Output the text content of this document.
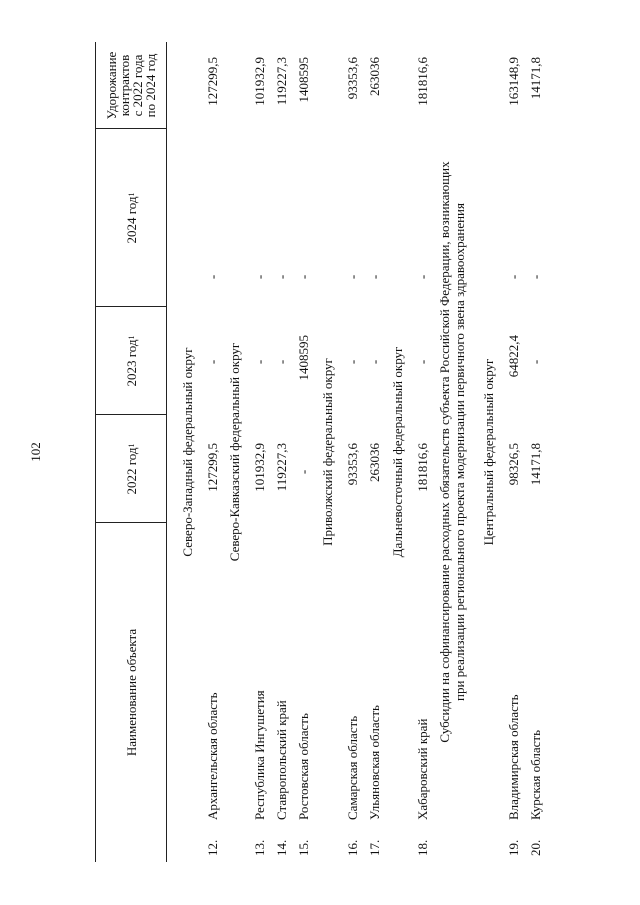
102
Наименование объекта
2022 год
1
2023 год
1
2024 год
1
Удорожание
контрактов
с 2022 года
по 2024 год
Северо-Западный федеральный округ
12.
Архангельская область
127299,5
-
-
127299,5
Северо-Кавказский федеральный округ
13.
Республика Ингушетия
101932,9
-
-
101932,9
14.
Ставропольский край
119227,3
-
-
119227,3
15.
Ростовская область
-
1408595
-
1408595
Приволжский федеральный округ
16.
Самарская область
93353,6
-
-
93353,6
17.
Ульяновская область
263036
-
-
263036
Дальневосточный федеральный округ
18.
Хабаровский край
181816,6
-
-
181816,6
Субсидии на софинансирование расходных обязательств субъекта Российской Федерации, возникающих при реализации регионального проекта модернизации первичного звена здравоохранения Центральный федеральный округ
19.
Владимирская область
98326,5
64822,4
-
163148,9
20.
Курская область
14171,8
-
-
14171,8
